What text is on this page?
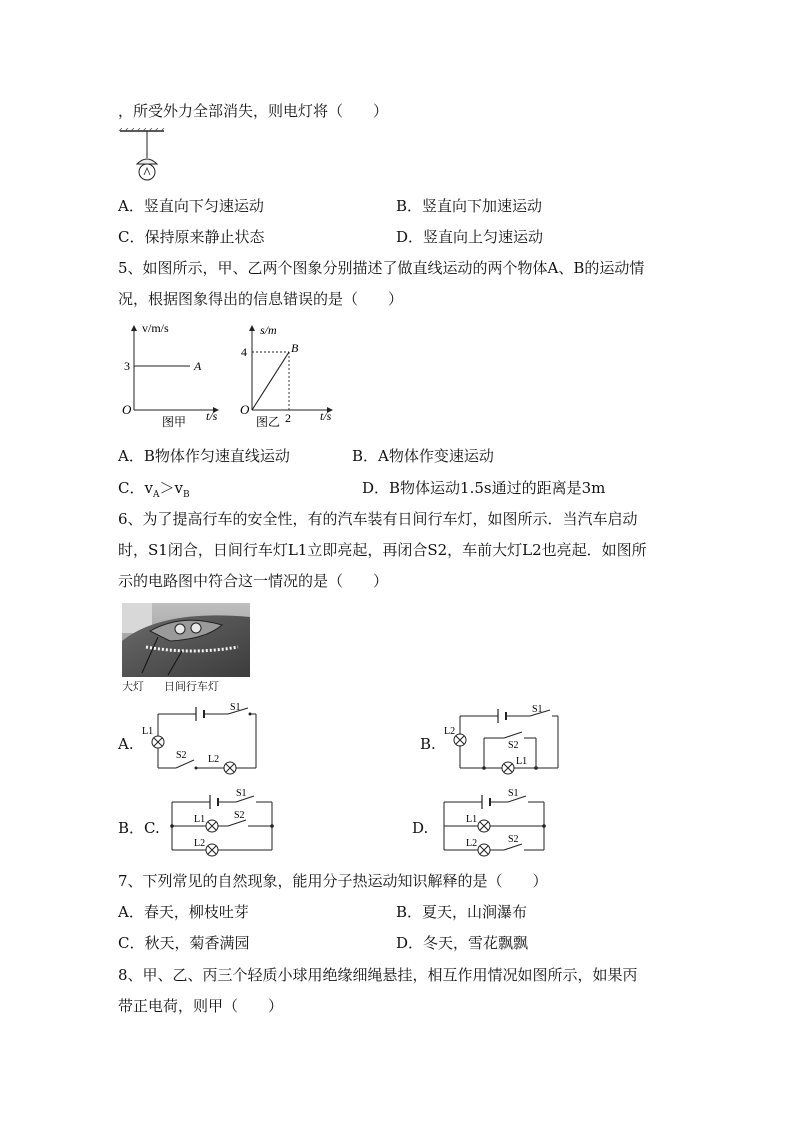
，所受外力全部消失，则电灯将（　　）
A．竖直向下匀速运动	B．竖直向下加速运动
C．保持原来静止状态	D．竖直向上匀速运动
5、如图所示，甲、乙两个图象分别描述了做直线运动的两个物体A、B的运动情
况，根据图象得出的信息错误的是（　　）
v/m/s
3	A
O	t/s
图甲
s/m
4	B
O
2 t/s
图乙
A．B物体作匀速直线运动	B．A物体作变速运动
C．$v_A>v_B$	D．B物体运动1.5s通过的距离是3m
6、为了提高行车的安全性，有的汽车装有日间行车灯，如图所示．当汽车启动
时，S1闭合，日间行车灯L1立即亮起，再闭合S2，车前大灯L2也亮起．如图所
示的电路图中符合这一情况的是（　　）
大灯 日间行车灯
A.
L1
S1
S2 L2
B.
L2
S1
S2
L1
B．C.
S1
L1	S2
L2
D.
S1
L1
S2
L2
7、下列常见的自然现象，能用分子热运动知识解释的是（　　）
A．春天，柳枝吐芽	B．夏天，山涧瀑布
C．秋天，菊香满园	D．冬天，雪花飘飘
8、甲、乙、丙三个轻质小球用绝缘细绳悬挂，相互作用情况如图所示，如果丙
带正电荷，则甲（　　）
